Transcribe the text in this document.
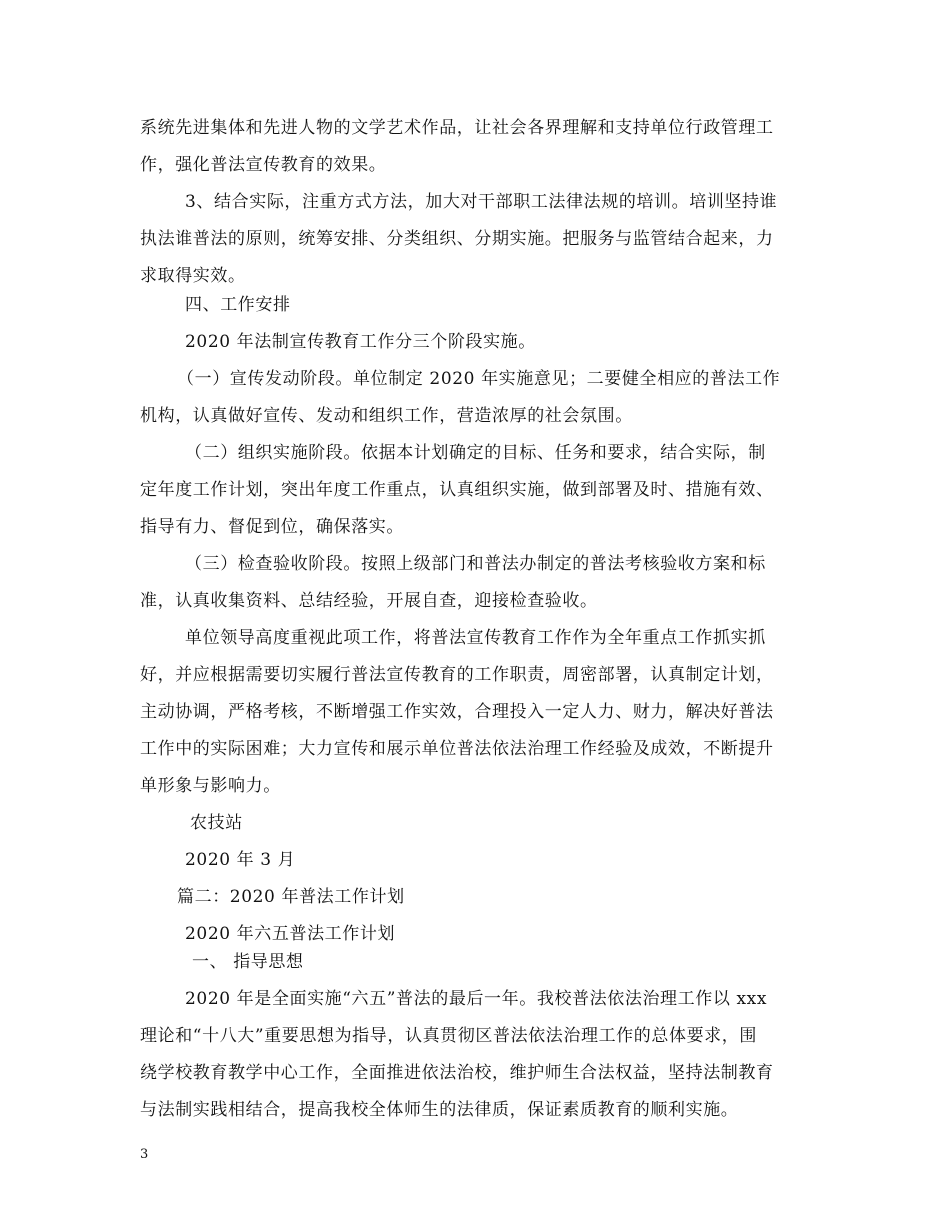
系统先进集体和先进人物的文学艺术作品，让社会各界理解和支持单位行政管理工
作，强化普法宣传教育的效果。
3、结合实际，注重方式方法，加大对干部职工法律法规的培训。培训坚持谁
执法谁普法的原则，统筹安排、分类组织、分期实施。把服务与监管结合起来，力
求取得实效。
四、工作安排
2020 年法制宣传教育工作分三个阶段实施。
（一）宣传发动阶段。单位制定 2020 年实施意见；二要健全相应的普法工作
机构，认真做好宣传、发动和组织工作，营造浓厚的社会氛围。
（二）组织实施阶段。依据本计划确定的目标、任务和要求，结合实际，制
定年度工作计划，突出年度工作重点，认真组织实施，做到部署及时、措施有效、
指导有力、督促到位，确保落实。
（三）检查验收阶段。按照上级部门和普法办制定的普法考核验收方案和标
准，认真收集资料、总结经验，开展自查，迎接检查验收。
单位领导高度重视此项工作，将普法宣传教育工作作为全年重点工作抓实抓
好，并应根据需要切实履行普法宣传教育的工作职责，周密部署，认真制定计划，
主动协调，严格考核，不断增强工作实效，合理投入一定人力、财力，解决好普法
工作中的实际困难；大力宣传和展示单位普法依法治理工作经验及成效，不断提升
单形象与影响力。
农技站
2020 年 3 月
篇二：2020 年普法工作计划
2020 年六五普法工作计划
一、 指导思想
2020 年是全面实施“六五”普法的最后一年。我校普法依法治理工作以 xxx
理论和“十八大”重要思想为指导，认真贯彻区普法依法治理工作的总体要求，围
绕学校教育教学中心工作，全面推进依法治校，维护师生合法权益，坚持法制教育
与法制实践相结合，提高我校全体师生的法律质，保证素质教育的顺利实施。
3
